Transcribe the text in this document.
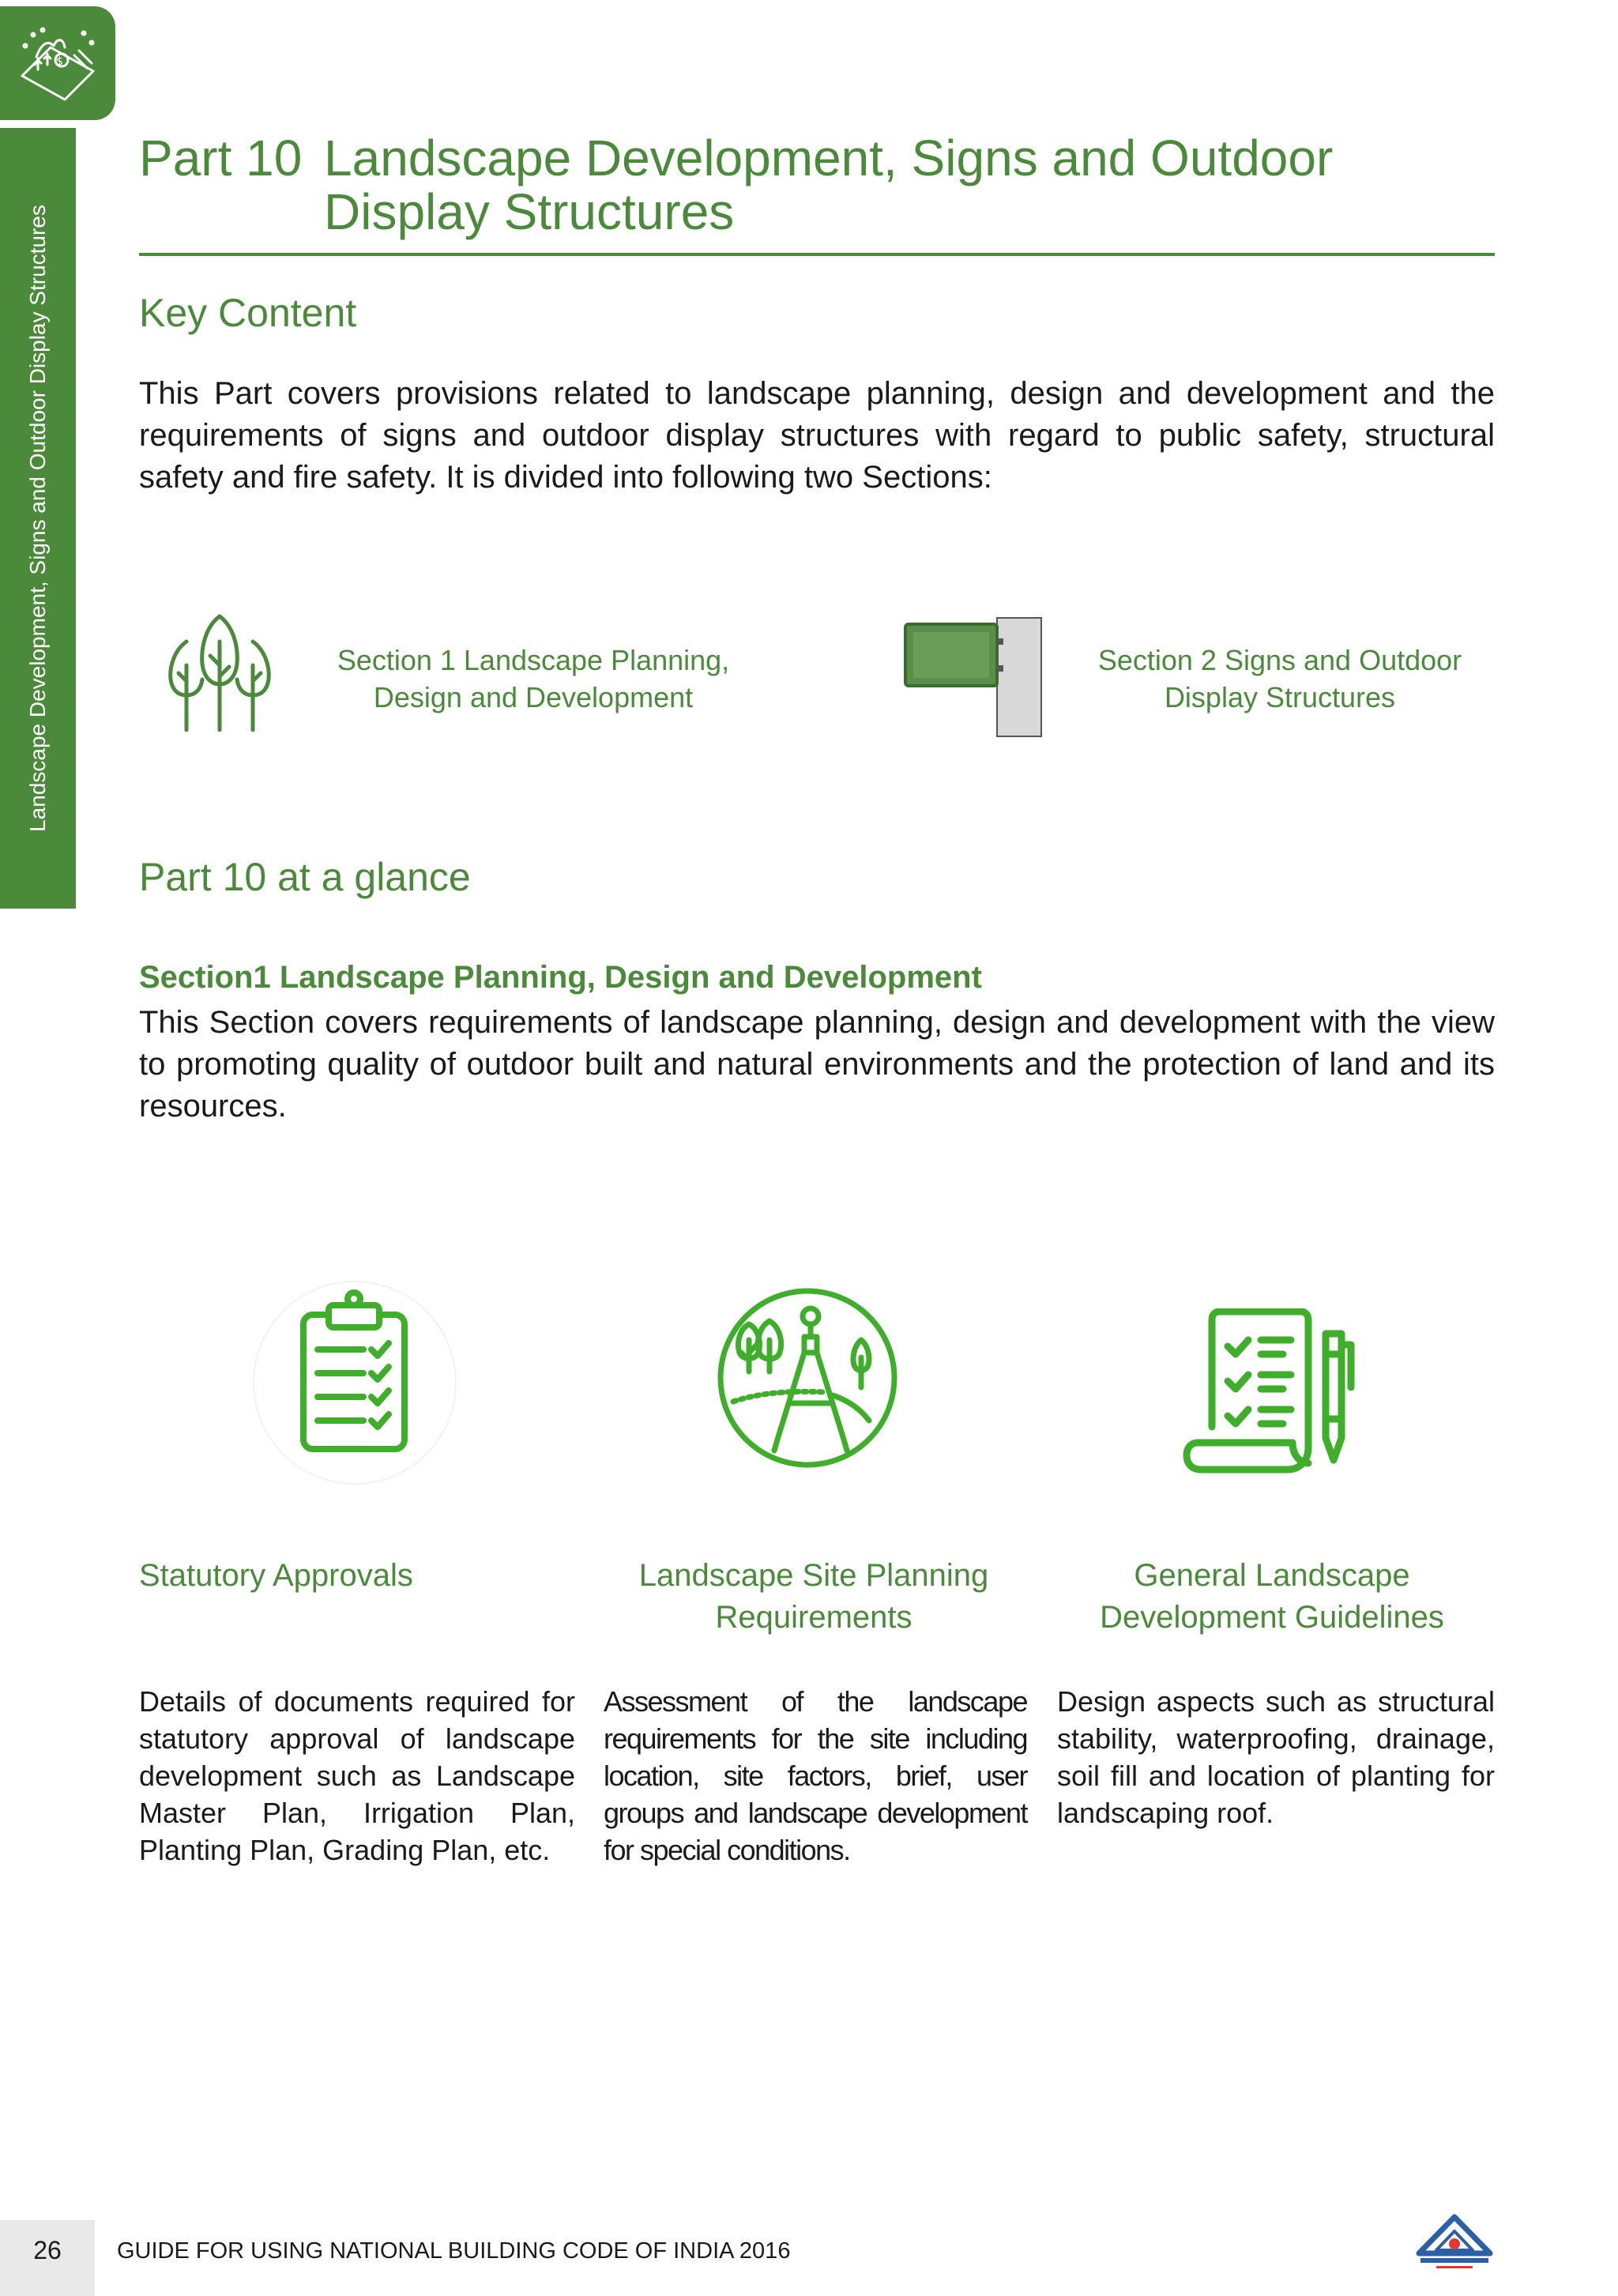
$
Landscape Development, Signs and Outdoor Display Structures
Part 10 Landscape Development, Signs and Outdoor Display Structures
Key Content

This Part covers provisions related to landscape planning, design and development and the requirements of signs and outdoor display structures with regard to public safety, structural safety and fire safety. It is divided into following two Sections:

Section 1 Landscape Planning, Design and Development
Section 2 Signs and Outdoor Display Structures
Part 10 at a glance
Section1 Landscape Planning, Design and Development

This Section covers requirements of landscape planning, design and development with the view to promoting quality of outdoor built and natural environments and the protection of land and its resources.

Statutory Approvals	Landscape Site Planning Requirements
General Landscape Development Guidelines

Details of documents required for statutory approval of landscape development such as Landscape Master Plan, Irrigation Plan, Planting Plan, Grading Plan, etc.

Assessment of the landscape requirements for the site including location, site factors, brief, user groups and landscape development for special conditions.

Design aspects such as structural stability, waterproofing, drainage, soil fill and location of planting for landscaping roof.

26	GUIDE FOR USING NATIONAL BUILDING CODE OF INDIA 2016
